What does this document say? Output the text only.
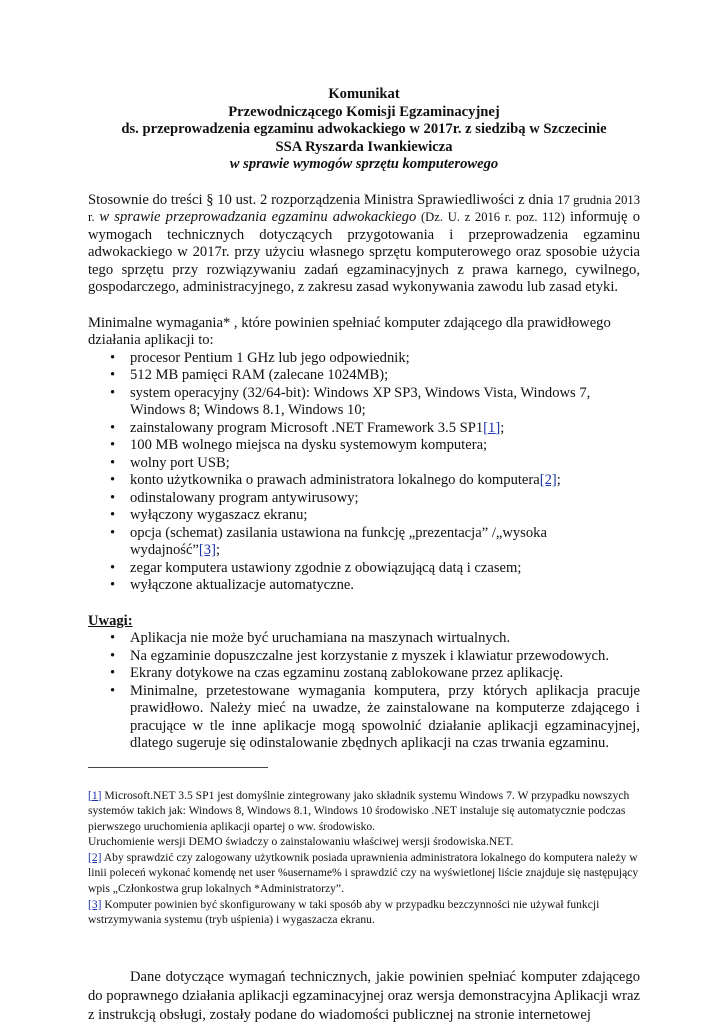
Komunikat
Przewodniczącego Komisji Egzaminacyjnej
ds. przeprowadzenia egzaminu adwokackiego w 2017r. z siedzibą w Szczecinie
SSA Ryszarda Iwankiewicza
w sprawie wymogów sprzętu komputerowego
Stosownie do treści § 10 ust. 2 rozporządzenia Ministra Sprawiedliwości z dnia 17 grudnia 2013 r. w sprawie przeprowadzania egzaminu adwokackiego (Dz. U. z 2016 r. poz. 112) informuję o wymogach technicznych dotyczących przygotowania i przeprowadzenia egzaminu adwokackiego w 2017r. przy użyciu własnego sprzętu komputerowego oraz sposobie użycia tego sprzętu przy rozwiązywaniu zadań egzaminacyjnych z prawa karnego, cywilnego, gospodarczego, administracyjnego, z zakresu zasad wykonywania zawodu lub zasad etyki.
Minimalne wymagania* , które powinien spełniać komputer zdającego dla prawidłowego działania aplikacji to:
• procesor Pentium 1 GHz lub jego odpowiednik;
• 512 MB pamięci RAM (zalecane 1024MB);
• system operacyjny (32/64-bit): Windows XP SP3, Windows Vista, Windows 7, Windows 8; Windows 8.1, Windows 10;
• zainstalowany program Microsoft .NET Framework 3.5 SP1[1];
• 100 MB wolnego miejsca na dysku systemowym komputera;
• wolny port USB;
• konto użytkownika o prawach administratora lokalnego do komputera[2];
• odinstalowany program antywirusowy;
• wyłączony wygaszacz ekranu;
• opcja (schemat) zasilania ustawiona na funkcję „prezentacja” /„wysoka wydajność”[3];
• zegar komputera ustawiony zgodnie z obowiązującą datą i czasem;
• wyłączone aktualizacje automatyczne.
Uwagi:
• Aplikacja nie może być uruchamiana na maszynach wirtualnych.
• Na egzaminie dopuszczalne jest korzystanie z myszek i klawiatur przewodowych.
• Ekrany dotykowe na czas egzaminu zostaną zablokowane przez aplikację.
• Minimalne, przetestowane wymagania komputera, przy których aplikacja pracuje prawidłowo. Należy mieć na uwadze, że zainstalowane na komputerze zdającego i pracujące w tle inne aplikacje mogą spowolnić działanie aplikacji egzaminacyjnej, dlatego sugeruje się odinstalowanie zbędnych aplikacji na czas trwania egzaminu.

[1] Microsoft.NET 3.5 SP1 jest domyślnie zintegrowany jako składnik systemu Windows 7. W przypadku nowszych systemów takich jak: Windows 8, Windows 8.1, Windows 10 środowisko .NET instaluje się automatycznie podczas pierwszego uruchomienia aplikacji opartej o ww. środowisko.

Uruchomienie wersji DEMO świadczy o zainstalowaniu właściwej wersji środowiska.NET.

[2] Aby sprawdzić czy zalogowany użytkownik posiada uprawnienia administratora lokalnego do komputera należy w linii poleceń wykonać komendę net user %username% i sprawdzić czy na wyświetlonej liście znajduje się następujący wpis „Członkostwa grup lokalnych *Administratorzy”.

[3] Komputer powinien być skonfigurowany w taki sposób aby w przypadku bezczynności nie używał funkcji wstrzymywania systemu (tryb uśpienia) i wygaszacza ekranu.

Dane dotyczące wymagań technicznych, jakie powinien spełniać komputer zdającego do poprawnego działania aplikacji egzaminacyjnej oraz wersja demonstracyjna Aplikacji wraz z instrukcją obsługi, zostały podane do wiadomości publicznej na stronie internetowej
